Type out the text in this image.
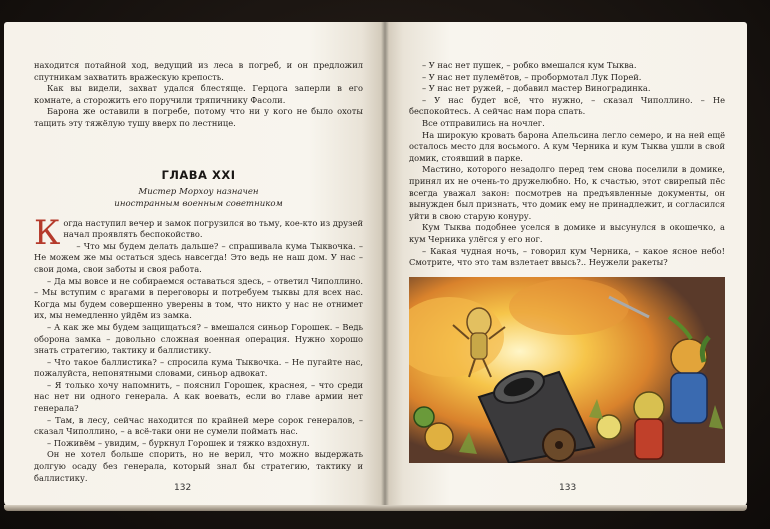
находится потайной ход, ведущий из леса в погреб, и он предложил спутникам захватить вражескую крепость.

Как вы видели, захват удался блестяще. Герцога заперли в его комнате, а сторожить его поручили тряпичнику Фасоли.

Барона же оставили в погребе, потому что ни у кого не было охоты тащить эту тяжёлую тушу вверх по лестнице.

ГЛАВА XXI
Мистер Морхоу назначен
иностранным военным советником

Когда наступил вечер и замок погрузился во тьму, кое-кто из друзей начал проявлять беспокойство.

– Что мы будем делать дальше? – спрашивала кума Тыквочка. – Не можем же мы остаться здесь навсегда! Это ведь не наш дом. У нас – свои дома, свои заботы и своя работа.

– Да мы вовсе и не собираемся оставаться здесь, – ответил Чиполлино. – Мы вступим с врагами в переговоры и потребуем тыквы для всех нас. Когда мы будем совершенно уверены в том, что никто у нас не отнимет их, мы немедленно уйдём из замка.

– А как же мы будем защищаться? – вмешался синьор Горошек. – Ведь оборона замка – довольно сложная военная операция. Нужно хорошо знать стратегию, тактику и баллистику.

– Что такое баллистика? – спросила кума Тыквочка. – Не пугайте нас, пожалуйста, непонятными словами, синьор адвокат.

– Я только хочу напомнить, – пояснил Горошек, краснея, – что среди нас нет ни одного генерала. А как воевать, если во главе армии нет генерала?

– Там, в лесу, сейчас находится по крайней мере сорок генералов, – сказал Чиполлино, – а всё-таки они не сумели поймать нас.

– Поживём – увидим, – буркнул Горошек и тяжко вздохнул.

Он не хотел больше спорить, но не верил, что можно выдержать долгую осаду без генерала, который знал бы стратегию, тактику и баллистику.

132

– У нас нет пушек, – робко вмешался кум Тыква.

– У нас нет пулемётов, – пробормотал Лук Порей.

– У нас нет ружей, – добавил мастер Виноградинка.

– У нас будет всё, что нужно, – сказал Чиполлино. – Не беспокойтесь. А сейчас нам пора спать.

Все отправились на ночлег.

На широкую кровать барона Апельсина легло семеро, и на ней ещё осталось место для восьмого. А кум Черника и кум Тыква ушли в свой домик, стоявший в парке.

Мастино, которого незадолго перед тем снова поселили в домике, принял их не очень-то дружелюбно. Но, к счастью, этот свирепый пёс всегда уважал закон: посмотрев на предъявленные документы, он вынужден был признать, что домик ему не принадлежит, и согласился уйти в свою старую конуру.

Кум Тыква подобнее уселся в домике и высунулся в окошечко, а кум Черника улёгся у его ног.

– Какая чудная ночь, – говорил кум Черника, – какое ясное небо! Смотрите, что это там взлетает ввысь?.. Неужели ракеты?

133
